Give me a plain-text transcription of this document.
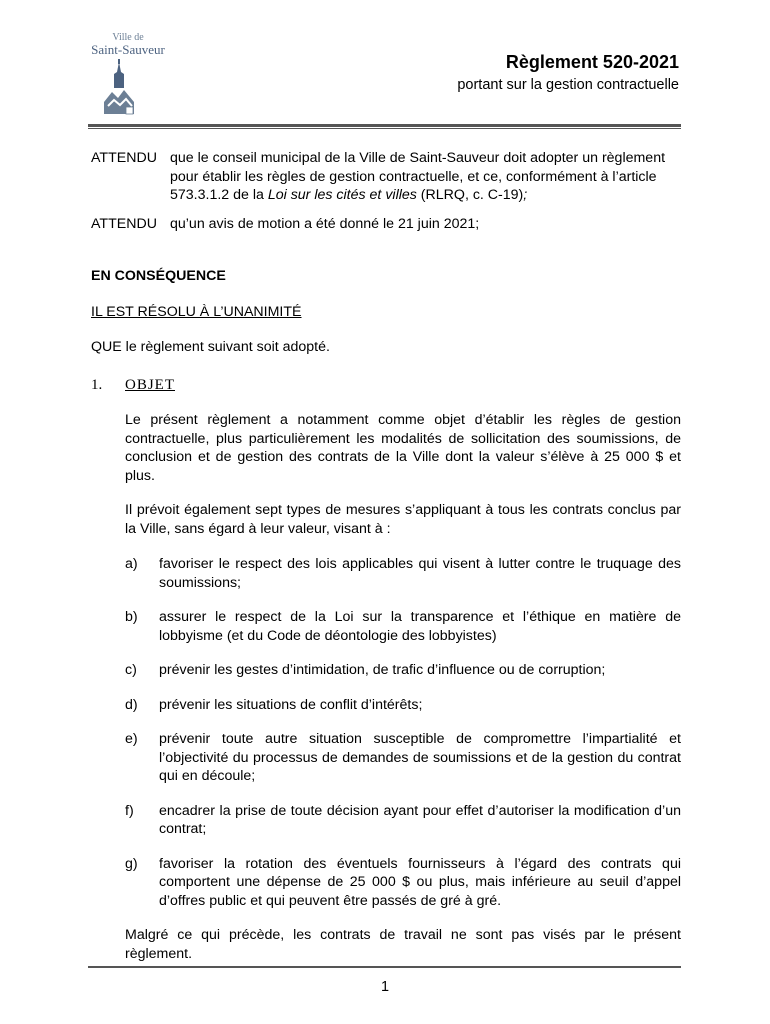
Ville de
Saint-Sauveur
Règlement 520-2021
portant sur la gestion contractuelle
ATTENDU que le conseil municipal de la Ville de Saint-Sauveur doit adopter un règlement pour établir les règles de gestion contractuelle, et ce, conformément à l’article 573.3.1.2 de la Loi sur les cités et villes (RLRQ, c. C-19);
ATTENDU qu’un avis de motion a été donné le 21 juin 2021;
EN CONSÉQUENCE
IL EST RÉSOLU À L’UNANIMITÉ
QUE le règlement suivant soit adopté.
1.	OBJET

Le présent règlement a notamment comme objet d’établir les règles de gestion contractuelle, plus particulièrement les modalités de sollicitation des soumissions, de conclusion et de gestion des contrats de la Ville dont la valeur s’élève à 25 000 $ et plus.

Il prévoit également sept types de mesures s’appliquant à tous les contrats conclus par la Ville, sans égard à leur valeur, visant à :

a)	favoriser le respect des lois applicables qui visent à lutter contre le truquage des soumissions;
b)	assurer le respect de la Loi sur la transparence et l’éthique en matière de lobbyisme (et du Code de déontologie des lobbyistes)
c)	prévenir les gestes d’intimidation, de trafic d’influence ou de corruption;
d)	prévenir les situations de conflit d’intérêts;
e)	prévenir toute autre situation susceptible de compromettre l’impartialité et l’objectivité du processus de demandes de soumissions et de la gestion du contrat qui en découle;
f)	encadrer la prise de toute décision ayant pour effet d’autoriser la modification d’un contrat;
g)	favoriser la rotation des éventuels fournisseurs à l’égard des contrats qui comportent une dépense de 25 000 $ ou plus, mais inférieure au seuil d’appel d’offres public et qui peuvent être passés de gré à gré.

Malgré ce qui précède, les contrats de travail ne sont pas visés par le présent règlement.

1
